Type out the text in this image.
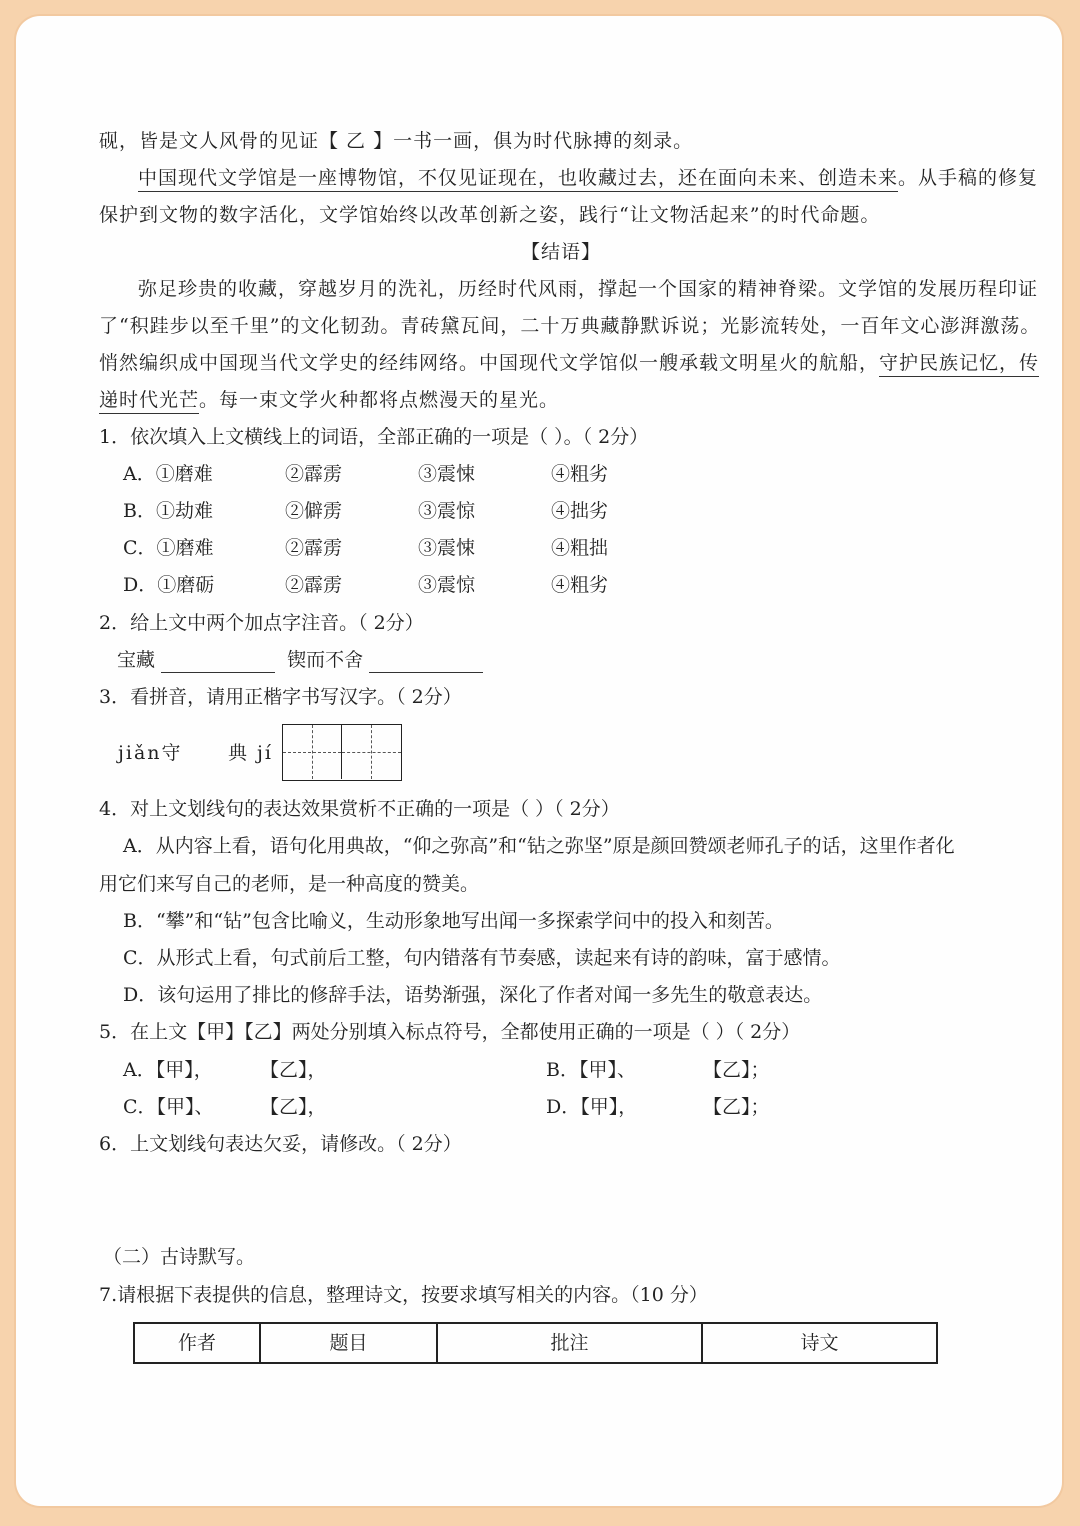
砚，皆是文人风骨的见证【 乙 】一书一画，俱为时代脉搏的刻录。
中国现代文学馆是一座博物馆，不仅见证现在，也收藏过去，还在面向未来、创造未来。从手稿的修复
保护到文物的数字活化，文学馆始终以改革创新之姿，践行“让文物活起来”的时代命题。
【结语】
弥足珍贵的收藏，穿越岁月的洗礼，历经时代风雨，撑起一个国家的精神脊梁。文学馆的发展历程印证
了“积跬步以至千里”的文化韧劲。青砖黛瓦间，二十万典藏静默诉说；光影流转处，一百年文心澎湃激荡。
悄然编织成中国现当代文学史的经纬网络。中国现代文学馆似一艘承载文明星火的航船，守护民族记忆，传
递时代光芒。每一束文学火种都将点燃漫天的星光。
1．依次填入上文横线上的词语，全部正确的一项是（ ）。（ 2分）
A．①磨难	②霹雳	③震悚	④粗劣
B．①劫难	②僻雳	③震惊	④拙劣
C．①磨难	②霹雳	③震悚	④粗拙
D．①磨砺	②霹雳	③震惊	④粗劣
2．给上文中两个加点字注音。（ 2分）
宝藏	锲而不舍
3．看拼音，请用正楷字书写汉字。（ 2分）
jiǎn守 典 jí
4．对上文划线句的表达效果赏析不正确的一项是（ ）（ 2分）
A．从内容上看，语句化用典故，“仰之弥高”和“钻之弥坚”原是颜回赞颂老师孔子的话，这里作者化
用它们来写自己的老师，是一种高度的赞美。
B．“攀”和“钻”包含比喻义，生动形象地写出闻一多探索学问中的投入和刻苦。
C．从形式上看，句式前后工整，句内错落有节奏感，读起来有诗的韵味，富于感情。
D．该句运用了排比的修辞手法，语势渐强，深化了作者对闻一多先生的敬意表达。
5．在上文【甲】【乙】两处分别填入标点符号，全都使用正确的一项是（ ）（ 2分）
A．【甲】， 【乙】，	B．【甲】、	【乙】；
C．【甲】、 【乙】，	D．【甲】，	【乙】；
6．上文划线句表达欠妥，请修改。（ 2分）
（二）古诗默写。
7.请根据下表提供的信息，整理诗文，按要求填写相关的内容。（10 分）
作者	题目	批注	诗文
